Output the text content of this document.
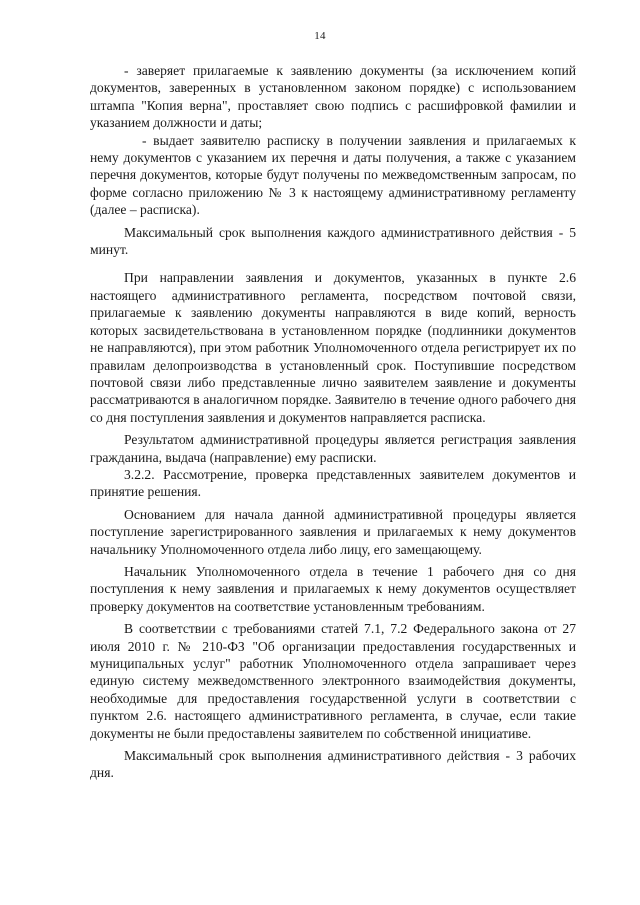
14

- заверяет прилагаемые к заявлению документы (за исключением копий документов, заверенных в установленном законом порядке) с использованием штампа "Копия верна", проставляет свою подпись с расшифровкой фамилии и указанием должности и даты;

- выдает заявителю расписку в получении заявления и прилагаемых к нему документов с указанием их перечня и даты получения, а также с указанием перечня документов, которые будут получены по межведомственным запросам, по форме согласно приложению № 3 к настоящему административному регламенту (далее – расписка).

Максимальный срок выполнения каждого административного действия - 5 минут.

При направлении заявления и документов, указанных в пункте 2.6 настоящего административного регламента, посредством почтовой связи, прилагаемые к заявлению документы направляются в виде копий, верность которых засвидетельствована в установленном порядке (подлинники документов не направляются), при этом работник Уполномоченного отдела регистрирует их по правилам делопроизводства в установленный срок. Поступившие посредством почтовой связи либо представленные лично заявителем заявление и документы рассматриваются в аналогичном порядке. Заявителю в течение одного рабочего дня со дня поступления заявления и документов направляется расписка.

Результатом административной процедуры является регистрация заявления гражданина, выдача (направление) ему расписки.

3.2.2. Рассмотрение, проверка представленных заявителем документов и принятие решения.

Основанием для начала данной административной процедуры является поступление зарегистрированного заявления и прилагаемых к нему документов начальнику Уполномоченного отдела либо лицу, его замещающему.

Начальник Уполномоченного отдела в течение 1 рабочего дня со дня поступления к нему заявления и прилагаемых к нему документов осуществляет проверку документов на соответствие установленным требованиям.

В соответствии с требованиями статей 7.1, 7.2 Федерального закона от 27 июля 2010 г. № 210-ФЗ "Об организации предоставления государственных и муниципальных услуг" работник Уполномоченного отдела запрашивает через единую систему межведомственного электронного взаимодействия документы, необходимые для предоставления государственной услуги в соответствии с пунктом 2.6. настоящего административного регламента, в случае, если такие документы не были предоставлены заявителем по собственной инициативе.

Максимальный срок выполнения административного действия - 3 рабочих дня.
